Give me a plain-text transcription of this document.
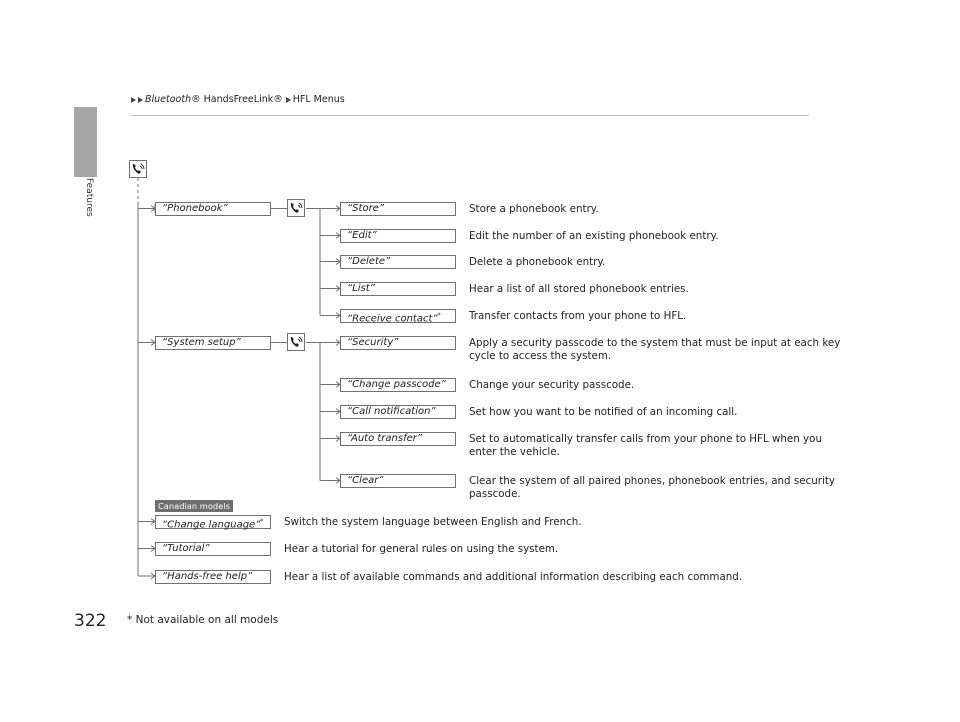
Features
Bluetooth® HandsFreeLink® HFL Menus
“Phonebook”
“System setup”
Canadian models
“Change language”*
“Tutorial”
“Hands-free help”
Switch the system language between English and French.
Hear a tutorial for general rules on using the system.
Hear a list of available commands and additional information describing each command.
“Store”
“Edit”
“Delete”
“List”
“Receive contact”*
Store a phonebook entry.
Edit the number of an existing phonebook entry.
Delete a phonebook entry.
Hear a list of all stored phonebook entries.
Transfer contacts from your phone to HFL.
“Security”
“Change passcode”
“Call notification”
“Auto transfer”
“Clear”
Apply a security passcode to the system that must be input at each key
cycle to access the system.
Change your security passcode.
Set how you want to be notified of an incoming call.
Set to automatically transfer calls from your phone to HFL when you
enter the vehicle.
Clear the system of all paired phones, phonebook entries, and security
passcode.
322 * Not available on all models
